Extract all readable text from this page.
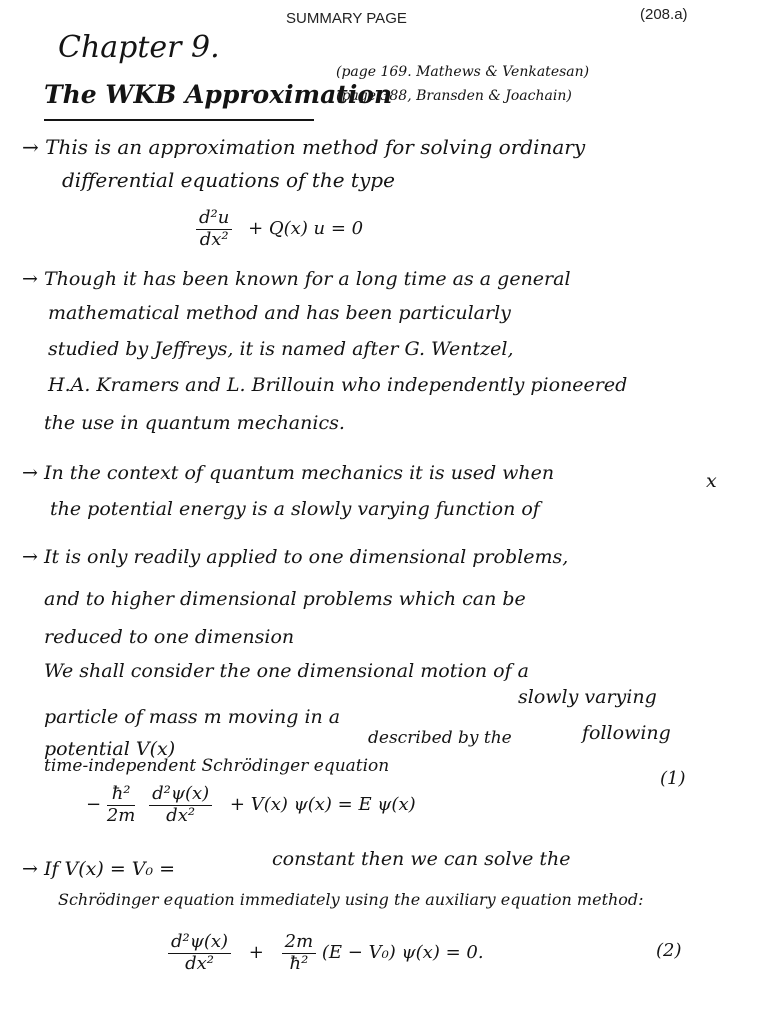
SUMMARY PAGE	(208.a)
Chapter 9.
The WKB Approximation
(page 169. Mathews & Venkatesan)
(page 388, Bransden & Joachain)
→ This is an approximation method for solving ordinary
differential equations of the type
$\frac{\text{d²u}}{\text{dx²}} + Q(x) u = 0$
→ Though it has been known for a long time as a general
mathematical method and has been particularly
studied by Jeffreys, it is named after G. Wentzel,
H.A. Kramers and L. Brillouin who independently pioneered
the use in quantum mechanics.
→ In the context of quantum mechanics it is used when
the potential energy is a slowly varying function of
x
→ It is only readily applied to one dimensional problems,
and to higher dimensional problems which can be
reduced to one dimension
We shall consider the one dimensional motion of a
particle of mass m moving in a
slowly varying
potential V(x)	described by the	following
time-independent Schrödinger equation
− $\frac{\text{ħ²}}{2m}$
$\frac{\text{d²ψ(x)}}{\text{dx²}} + V(x) \psi(x) = E$ ψ(x)
(1)
→ If V(x) = V₀ =	constant then we can solve the
Schrödinger equation immediately using the auxiliary equation method:
$\frac{\text{d²ψ(x)}}{\text{dx²}} + \frac{2m}{\text{ħ²}} (E - V_0) \psi(x) = 0$.	(2)
